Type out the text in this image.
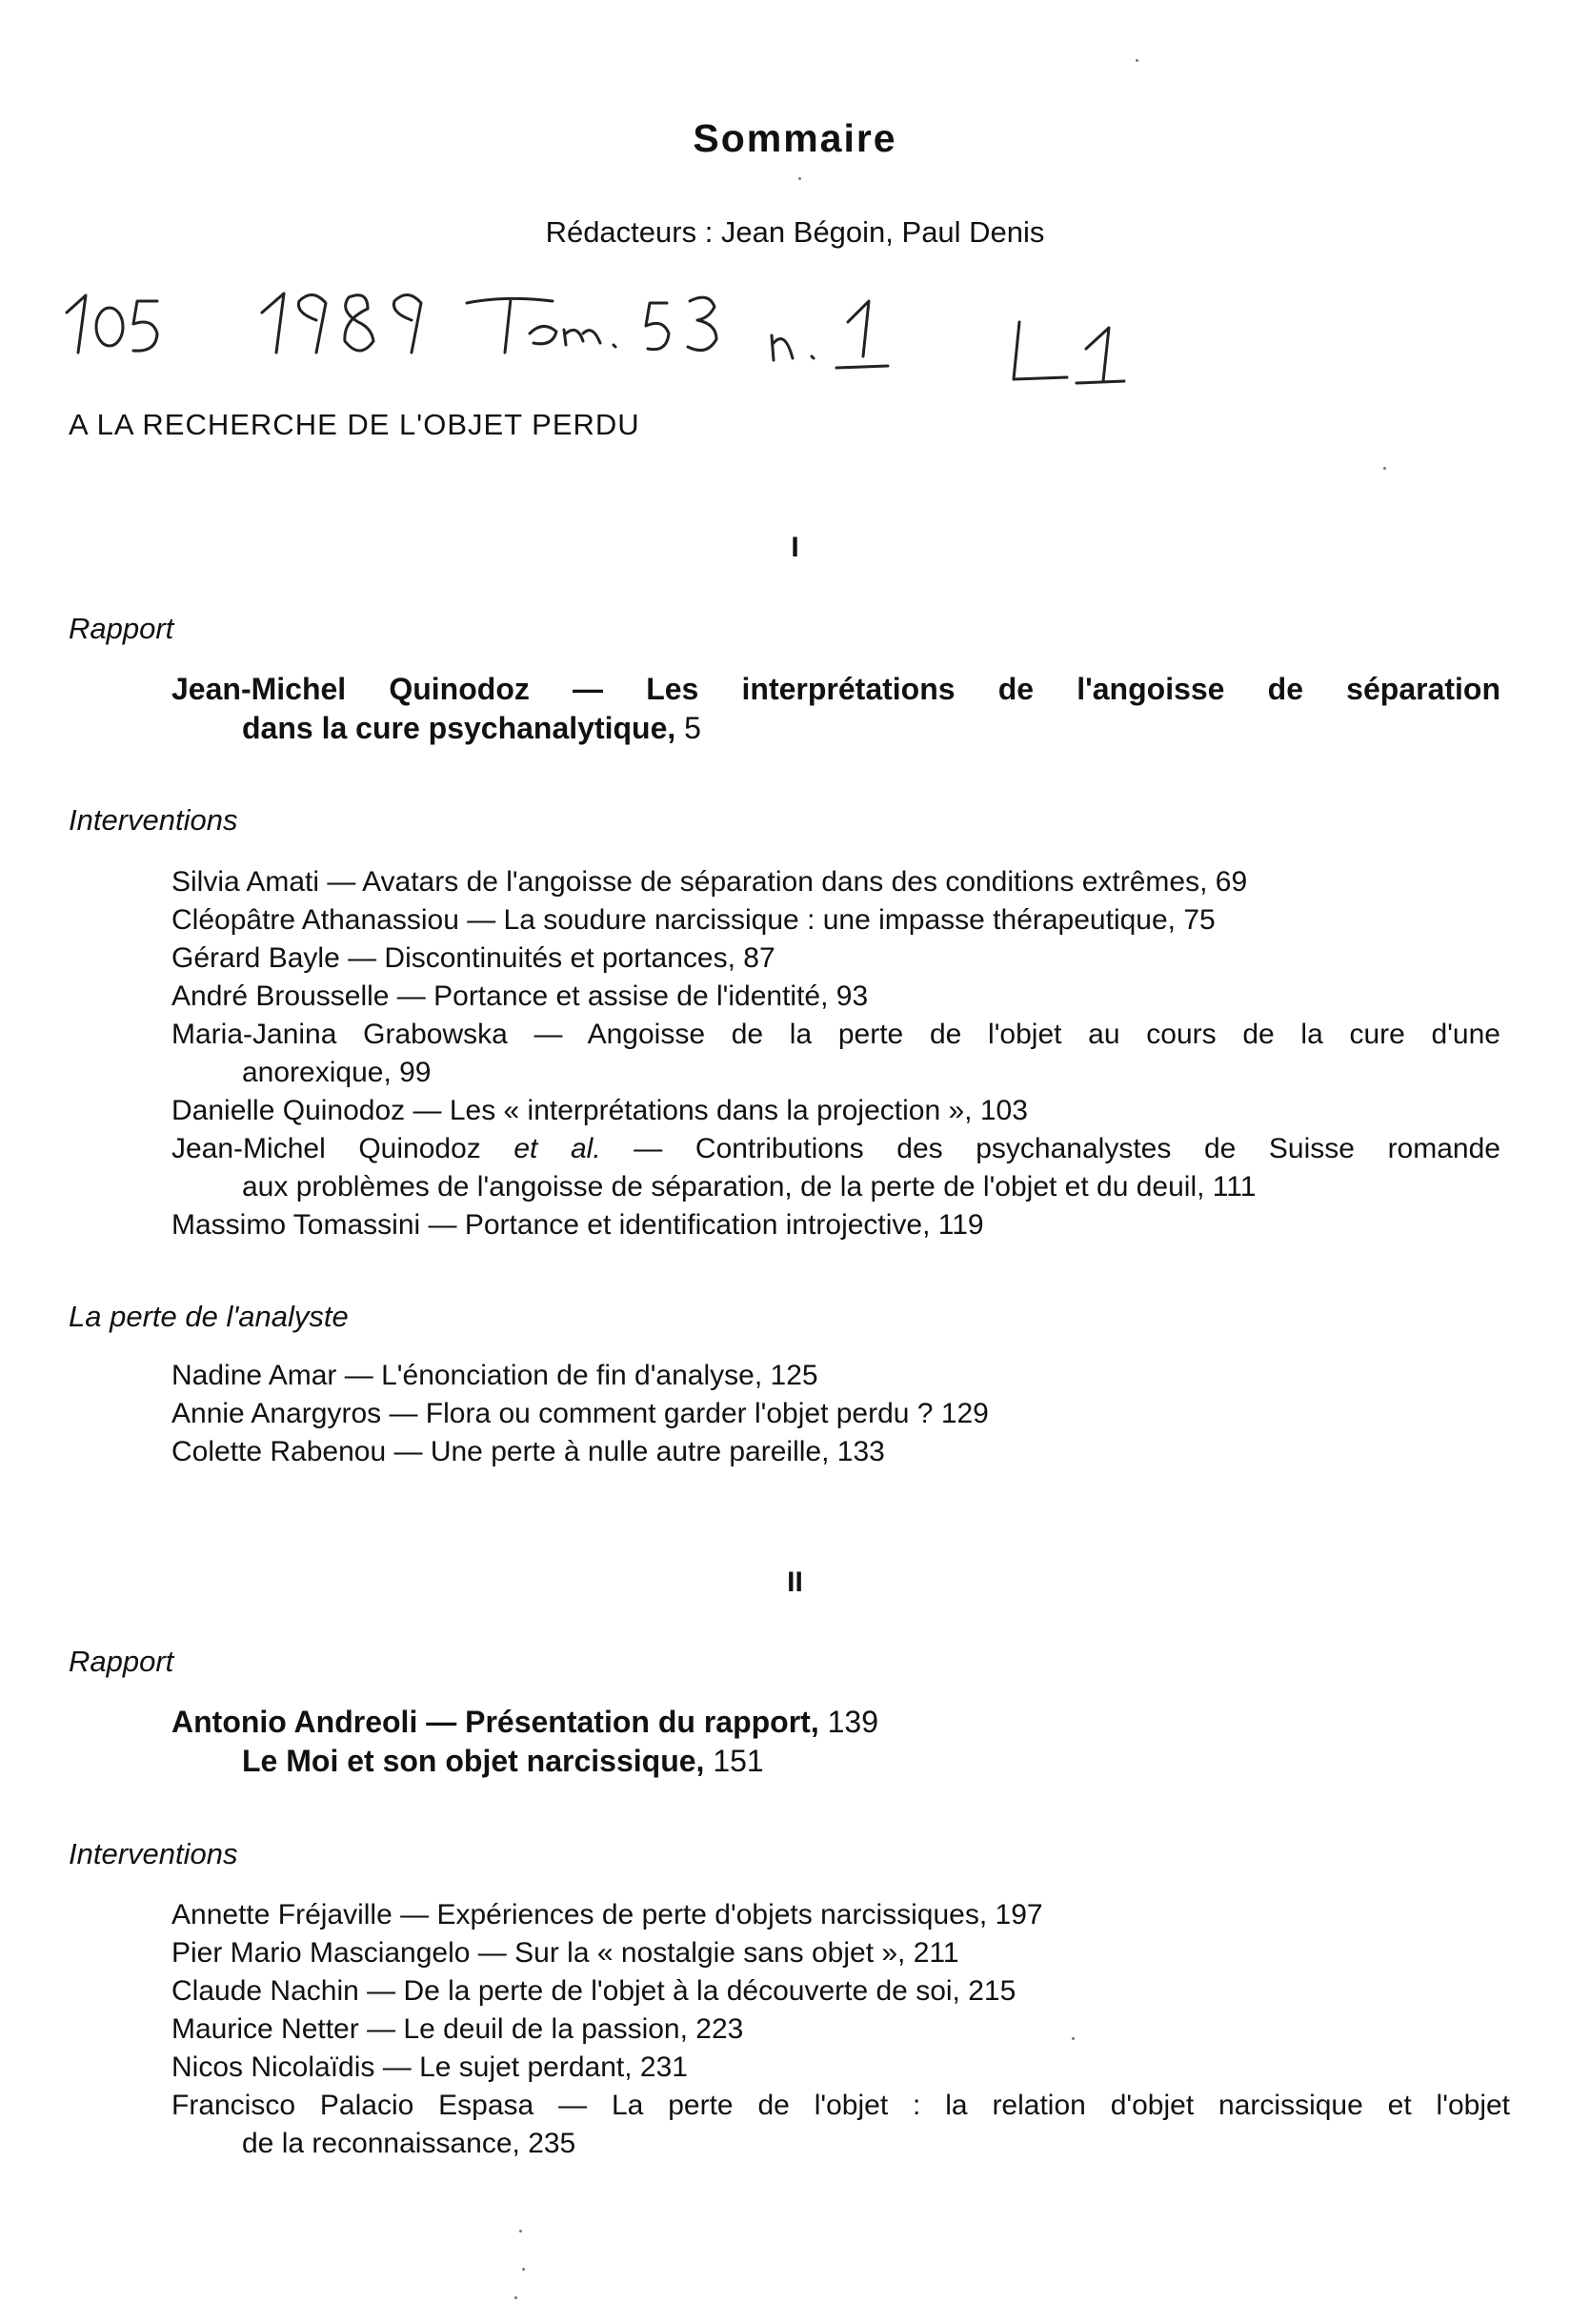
Sommaire
Rédacteurs : Jean Bégoin, Paul Denis
A LA RECHERCHE DE L'OBJET PERDU
I
Rapport
Jean-Michel Quinodoz — Les interprétations de l'angoisse de séparation
dans la cure psychanalytique, 5
Interventions
Silvia Amati — Avatars de l'angoisse de séparation dans des conditions extrêmes, 69
Cléopâtre Athanassiou — La soudure narcissique : une impasse thérapeutique, 75
Gérard Bayle — Discontinuités et portances, 87
André Brousselle — Portance et assise de l'identité, 93
Maria-Janina Grabowska — Angoisse de la perte de l'objet au cours de la cure d'une
anorexique, 99
Danielle Quinodoz — Les « interprétations dans la projection », 103
Jean-Michel Quinodoz et al. — Contributions des psychanalystes de Suisse romande
aux problèmes de l'angoisse de séparation, de la perte de l'objet et du deuil, 111
Massimo Tomassini — Portance et identification introjective, 119
La perte de l'analyste
Nadine Amar — L'énonciation de fin d'analyse, 125
Annie Anargyros — Flora ou comment garder l'objet perdu ? 129
Colette Rabenou — Une perte à nulle autre pareille, 133
II
Rapport
Antonio Andreoli — Présentation du rapport, 139
Le Moi et son objet narcissique, 151
Interventions
Annette Fréjaville — Expériences de perte d'objets narcissiques, 197
Pier Mario Masciangelo — Sur la « nostalgie sans objet », 211
Claude Nachin — De la perte de l'objet à la découverte de soi, 215
Maurice Netter — Le deuil de la passion, 223
Nicos Nicolaïdis — Le sujet perdant, 231
Francisco Palacio Espasa — La perte de l'objet : la relation d'objet narcissique et l'objet
de la reconnaissance, 235
